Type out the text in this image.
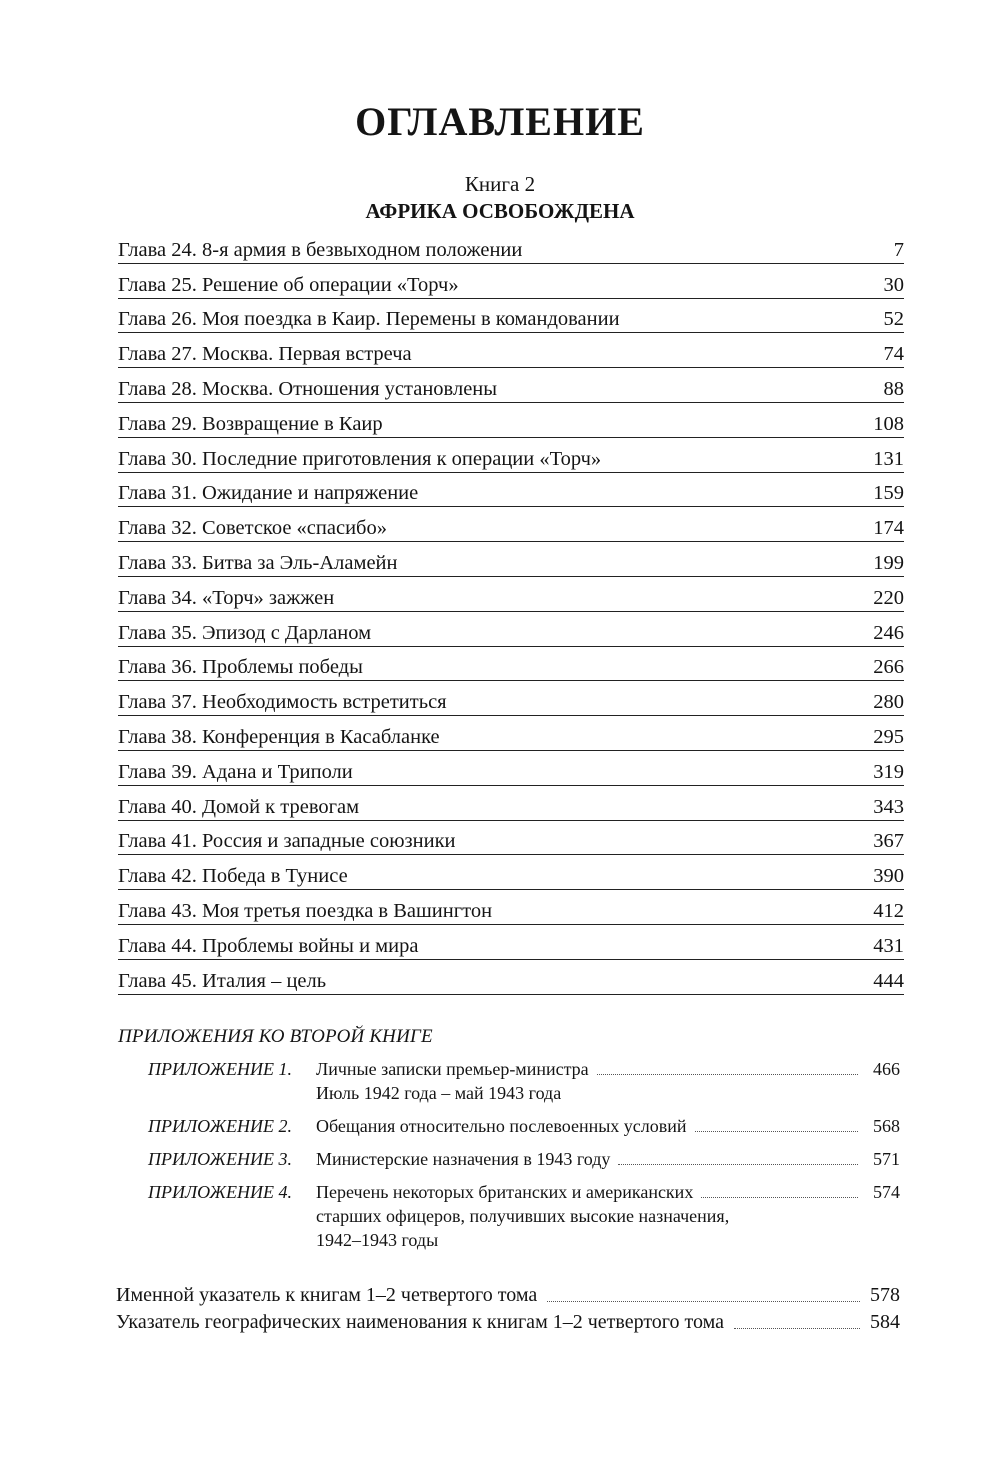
ОГЛАВЛЕНИЕ
Книга 2
АФРИКА ОСВОБОЖДЕНА
Глава 24. 8-я армия в безвыходном положении	7
Глава 25. Решение об операции «Торч»	30
Глава 26. Моя поездка в Каир. Перемены в командовании	52
Глава 27. Москва. Первая встреча	74
Глава 28. Москва. Отношения установлены	88
Глава 29. Возвращение в Каир	108
Глава 30. Последние приготовления к операции «Торч»	131
Глава 31. Ожидание и напряжение	159
Глава 32. Советское «спасибо»	174
Глава 33. Битва за Эль-Аламейн	199
Глава 34. «Торч» зажжен	220
Глава 35. Эпизод с Дарланом	246
Глава 36. Проблемы победы	266
Глава 37. Необходимость встретиться	280
Глава 38. Конференция в Касабланке	295
Глава 39. Адана и Триполи	319
Глава 40. Домой к тревогам	343
Глава 41. Россия и западные союзники	367
Глава 42. Победа в Тунисе	390
Глава 43. Моя третья поездка в Вашингтон	412
Глава 44. Проблемы войны и мира	431
Глава 45. Италия – цель	444
ПРИЛОЖЕНИЯ КО ВТОРОЙ КНИГЕ
ПРИЛОЖЕНИЕ 1.	Личные записки премьер-министра	466
Июль 1942 года – май 1943 года
ПРИЛОЖЕНИЕ 2.	Обещания относительно послевоенных условий	568
ПРИЛОЖЕНИЕ 3.	Министерские назначения в 1943 году	571
ПРИЛОЖЕНИЕ 4.	Перечень некоторых британских и американских	574
старших офицеров, получивших высокие назначения,
1942–1943 годы
Именной указатель к книгам 1–2 четвертого тома	578
Указатель географических наименования к книгам 1–2 четвертого тома	584
